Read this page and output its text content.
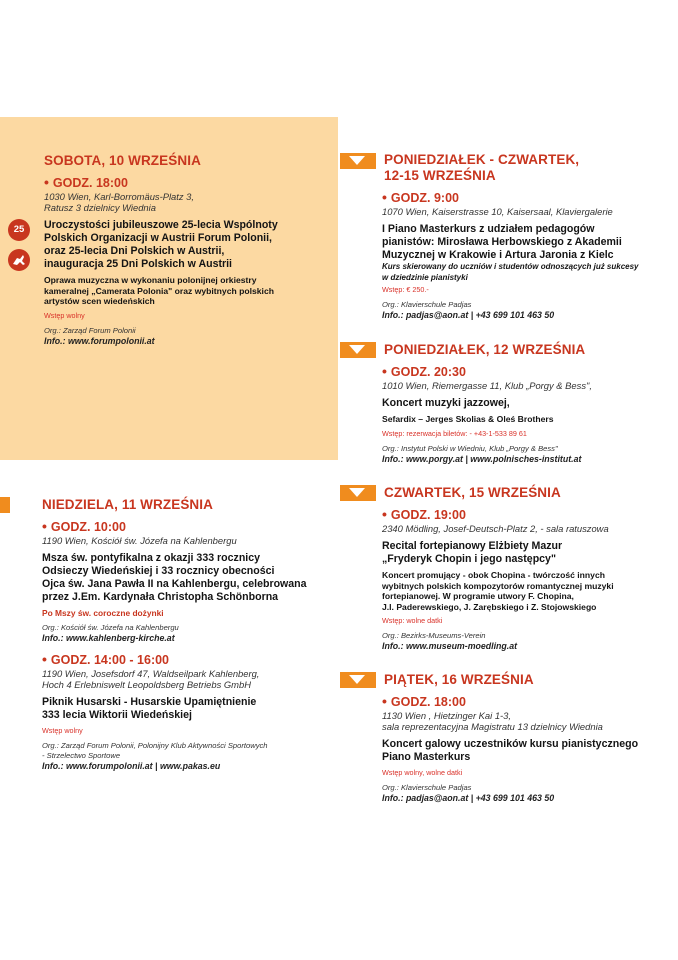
SOBOTA, 10 WRZEŚNIA
• GODZ. 18:00
1030 Wien, Karl-Borromäus-Platz 3,
Ratusz 3 dzielnicy Wiednia
Uroczystości jubileuszowe 25-lecia Wspólnoty
Polskich Organizacji w Austrii Forum Polonii,
oraz 25-lecia Dni Polskich w Austrii,
inauguracja 25 Dni Polskich w Austrii
Oprawa muzyczna w wykonaniu polonijnej orkiestry
kameralnej „Camerata Polonia" oraz wybitnych polskich
artystów scen wiedeńskich
Wstęp wolny
Org.: Zarząd Forum Polonii
Info.: www.forumpolonii.at
25
NIEDZIELA, 11 WRZEŚNIA
• GODZ. 10:00
1190 Wien, Kościół św. Józefa na Kahlenbergu
Msza św. pontyfikalna z okazji 333 rocznicy
Odsieczy Wiedeńskiej i 33 rocznicy obecności
Ojca św. Jana Pawła II na Kahlenbergu, celebrowana
przez J.Em. Kardynała Christopha Schönborna
Po Mszy św. coroczne dożynki
Org.: Kościół św. Józefa na Kahlenbergu
Info.: www.kahlenberg-kirche.at
• GODZ. 14:00 - 16:00
1190 Wien, Josefsdorf 47, Waldseilpark Kahlenberg,
Hoch 4 Erlebniswelt Leopoldsberg Betriebs GmbH
Piknik Husarski - Husarskie Upamiętnienie
333 lecia Wiktorii Wiedeńskiej
Wstęp wolny
Org.: Zarząd Forum Polonii, Polonijny Klub Aktywności Sportowych
- Strzelectwo Sportowe
Info.: www.forumpolonii.at | www.pakas.eu
PONIEDZIAŁEK - CZWARTEK,
12-15 WRZEŚNIA
• GODZ. 9:00
1070 Wien, Kaiserstrasse 10, Kaisersaal, Klaviergalerie
I Piano Masterkurs z udziałem pedagogów
pianistów: Mirosława Herbowskiego z Akademii
Muzycznej w Krakowie i Artura Jaronia z Kielc
Kurs skierowany do uczniów i studentów odnoszących już sukcesy
w dziedzinie pianistyki
Wstęp: € 250.-
Org.: Klavierschule Padjas
Info.: padjas@aon.at | +43 699 101 463 50
PONIEDZIAŁEK, 12 WRZEŚNIA
• GODZ. 20:30
1010 Wien, Riemergasse 11, Klub „Porgy & Bess",
Koncert muzyki jazzowej,
Sefardix – Jerges Skolias & Oleś Brothers
Wstęp: rezerwacja biletów: - +43-1-533 89 61
Org.: Instytut Polski w Wiedniu, Klub „Porgy & Bess"
Info.: www.porgy.at | www.polnisches-institut.at
CZWARTEK, 15 WRZEŚNIA
• GODZ. 19:00
2340 Mödling, Josef-Deutsch-Platz 2, - sala ratuszowa
Recital fortepianowy Elżbiety Mazur
„Fryderyk Chopin i jego następcy"
Koncert promujący - obok Chopina - twórczość innych
wybitnych polskich kompozytorów romantycznej muzyki
fortepianowej. W programie utwory F. Chopina,
J.I. Paderewskiego, J. Zarębskiego i Z. Stojowskiego
Wstęp: wolne datki
Org.: Bezirks-Museums-Verein
Info.: www.museum-moedling.at
PIĄTEK, 16 WRZEŚNIA
• GODZ. 18:00
1130 Wien , Hietzinger Kai 1-3,
sala reprezentacyjna Magistratu 13 dzielnicy Wiednia
Koncert galowy uczestników kursu pianistycznego
Piano Masterkurs
Wstęp wolny, wolne datki
Org.: Klavierschule Padjas
Info.: padjas@aon.at | +43 699 101 463 50
